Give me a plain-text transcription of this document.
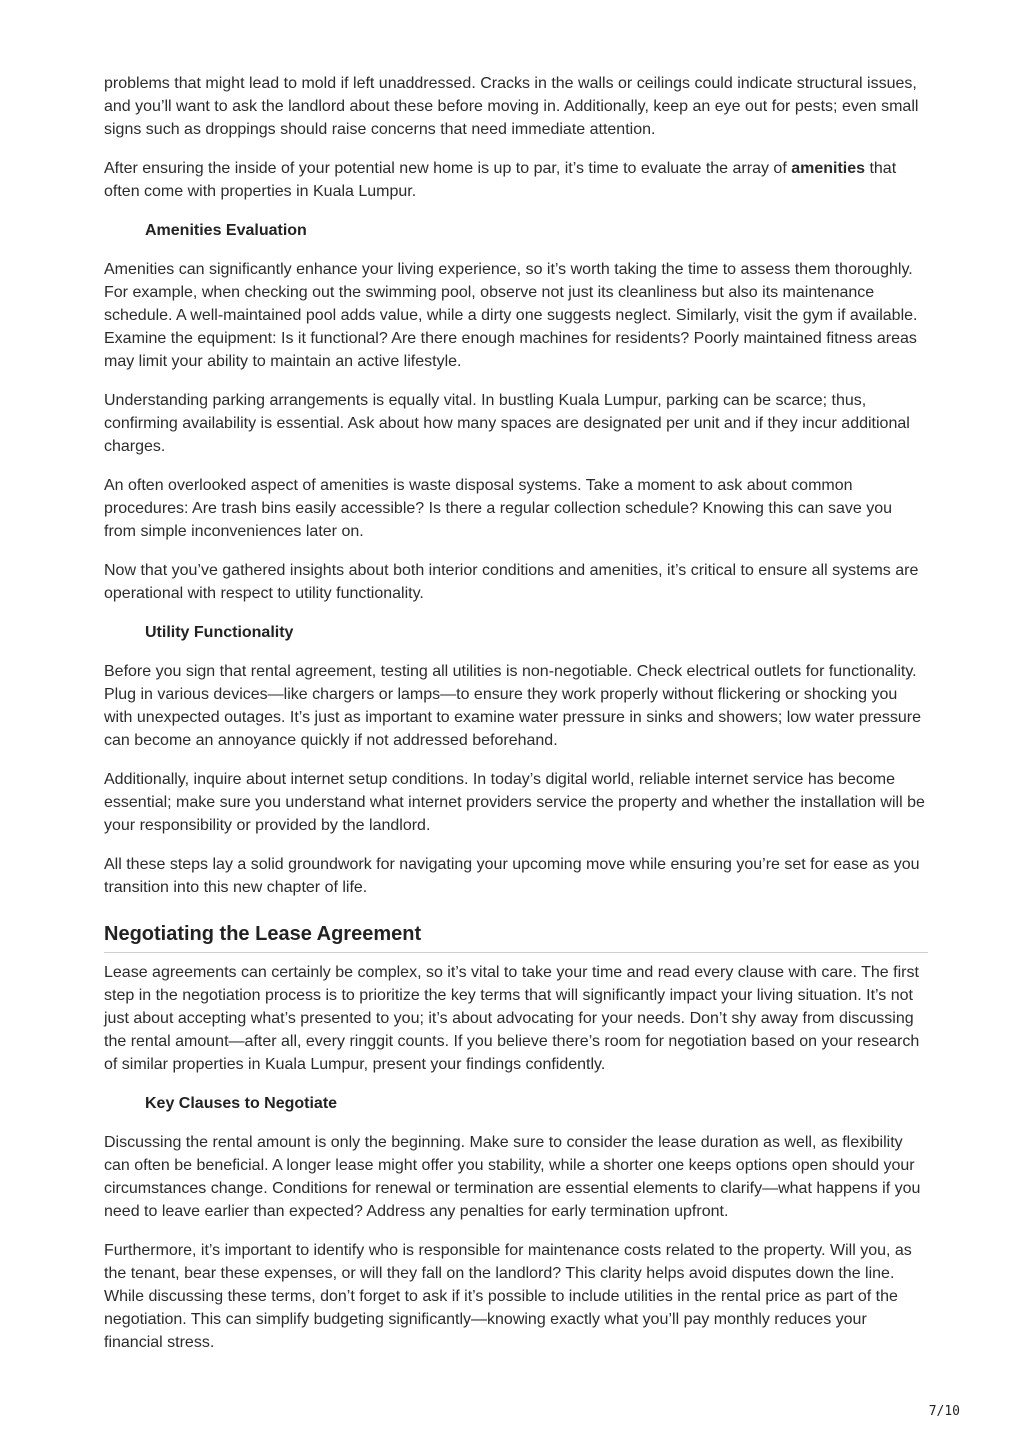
problems that might lead to mold if left unaddressed. Cracks in the walls or ceilings could indicate structural issues, and you’ll want to ask the landlord about these before moving in. Additionally, keep an eye out for pests; even small signs such as droppings should raise concerns that need immediate attention.

After ensuring the inside of your potential new home is up to par, it’s time to evaluate the array of amenities that often come with properties in Kuala Lumpur.

Amenities Evaluation

Amenities can significantly enhance your living experience, so it’s worth taking the time to assess them thoroughly. For example, when checking out the swimming pool, observe not just its cleanliness but also its maintenance schedule. A well-maintained pool adds value, while a dirty one suggests neglect. Similarly, visit the gym if available. Examine the equipment: Is it functional? Are there enough machines for residents? Poorly maintained fitness areas may limit your ability to maintain an active lifestyle.

Understanding parking arrangements is equally vital. In bustling Kuala Lumpur, parking can be scarce; thus, confirming availability is essential. Ask about how many spaces are designated per unit and if they incur additional charges.

An often overlooked aspect of amenities is waste disposal systems. Take a moment to ask about common procedures: Are trash bins easily accessible? Is there a regular collection schedule? Knowing this can save you from simple inconveniences later on.

Now that you’ve gathered insights about both interior conditions and amenities, it’s critical to ensure all systems are operational with respect to utility functionality.

Utility Functionality

Before you sign that rental agreement, testing all utilities is non-negotiable. Check electrical outlets for functionality. Plug in various devices—like chargers or lamps—to ensure they work properly without flickering or shocking you with unexpected outages. It’s just as important to examine water pressure in sinks and showers; low water pressure can become an annoyance quickly if not addressed beforehand.

Additionally, inquire about internet setup conditions. In today’s digital world, reliable internet service has become essential; make sure you understand what internet providers service the property and whether the installation will be your responsibility or provided by the landlord.

All these steps lay a solid groundwork for navigating your upcoming move while ensuring you’re set for ease as you transition into this new chapter of life.

Negotiating the Lease Agreement

Lease agreements can certainly be complex, so it’s vital to take your time and read every clause with care. The first step in the negotiation process is to prioritize the key terms that will significantly impact your living situation. It’s not just about accepting what’s presented to you; it’s about advocating for your needs. Don’t shy away from discussing the rental amount—after all, every ringgit counts. If you believe there’s room for negotiation based on your research of similar properties in Kuala Lumpur, present your findings confidently.

Key Clauses to Negotiate

Discussing the rental amount is only the beginning. Make sure to consider the lease duration as well, as flexibility can often be beneficial. A longer lease might offer you stability, while a shorter one keeps options open should your circumstances change. Conditions for renewal or termination are essential elements to clarify—what happens if you need to leave earlier than expected? Address any penalties for early termination upfront.

Furthermore, it’s important to identify who is responsible for maintenance costs related to the property. Will you, as the tenant, bear these expenses, or will they fall on the landlord? This clarity helps avoid disputes down the line. While discussing these terms, don’t forget to ask if it’s possible to include utilities in the rental price as part of the negotiation. This can simplify budgeting significantly—knowing exactly what you’ll pay monthly reduces your financial stress.

7/10
